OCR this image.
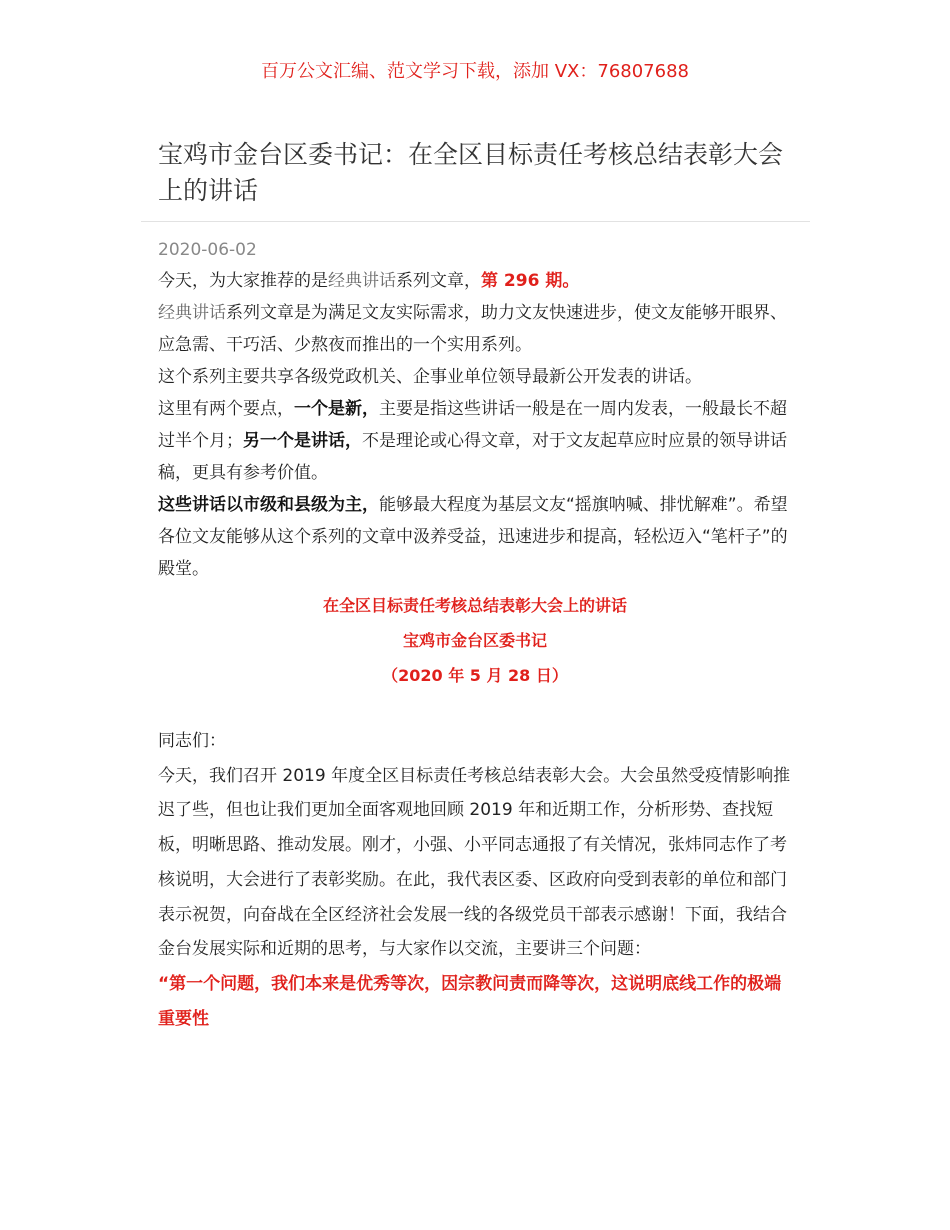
百万公文汇编、范文学习下载，添加 VX：76807688
宝鸡市金台区委书记：在全区目标责任考核总结表彰大会上的讲话
2020-06-02

今天，为大家推荐的是经典讲话系列文章，第 296 期。

经典讲话系列文章是为满足文友实际需求，助力文友快速进步，使文友能够开眼界、应急需、干巧活、少熬夜而推出的一个实用系列。

这个系列主要共享各级党政机关、企事业单位领导最新公开发表的讲话。

这里有两个要点，一个是新，主要是指这些讲话一般是在一周内发表，一般最长不超过半个月；另一个是讲话，不是理论或心得文章，对于文友起草应时应景的领导讲话稿，更具有参考价值。

这些讲话以市级和县级为主，能够最大程度为基层文友“摇旗呐喊、排忧解难”。希望各位文友能够从这个系列的文章中汲养受益，迅速进步和提高，轻松迈入“笔杆子”的殿堂。

在全区目标责任考核总结表彰大会上的讲话
宝鸡市金台区委书记
（2020 年 5 月 28 日）

同志们：

今天，我们召开 2019 年度全区目标责任考核总结表彰大会。大会虽然受疫情影响推迟了些，但也让我们更加全面客观地回顾 2019 年和近期工作，分析形势、查找短板，明晰思路、推动发展。刚才，小强、小平同志通报了有关情况，张炜同志作了考核说明，大会进行了表彰奖励。在此，我代表区委、区政府向受到表彰的单位和部门表示祝贺，向奋战在全区经济社会发展一线的各级党员干部表示感谢！下面，我结合金台发展实际和近期的思考，与大家作以交流，主要讲三个问题：

“第一个问题，我们本来是优秀等次，因宗教问责而降等次，这说明底线工作的极端重要性
